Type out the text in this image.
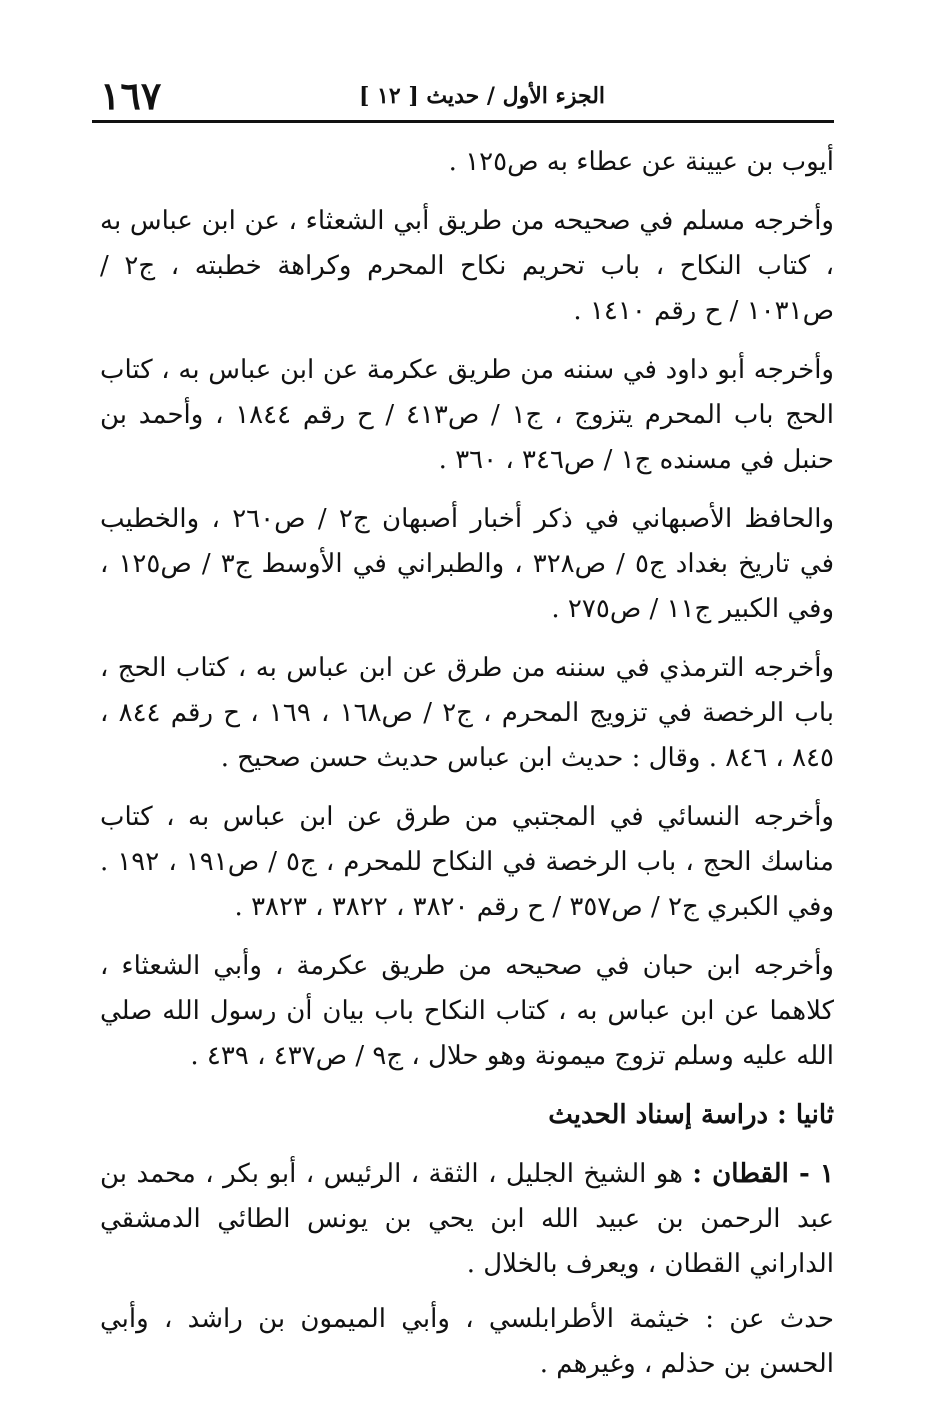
١٦٧	الجزء الأول / حديث [ ١٢ ]

أيوب بن عيينة عن عطاء به ص١٢٥ .

وأخرجه مسلم في صحيحه من طريق أبي الشعثاء ، عن ابن عباس به ، كتاب النكاح ، باب تحريم نكاح المحرم وكراهة خطبته ، ج٢ / ص١٠٣١ / ح رقم ١٤١٠ .

وأخرجه أبو داود في سننه من طريق عكرمة عن ابن عباس به ، كتاب الحج باب المحرم يتزوج ، ج١ / ص٤١٣ / ح رقم ١٨٤٤ ، وأحمد بن حنبل في مسنده ج١ / ص٣٤٦ ، ٣٦٠ .

والحافظ الأصبهاني في ذكر أخبار أصبهان ج٢ / ص٢٦٠ ، والخطيب في تاريخ بغداد ج٥ / ص٣٢٨ ، والطبراني في الأوسط ج٣ / ص١٢٥ ، وفي الكبير ج١١ / ص٢٧٥ .

وأخرجه الترمذي في سننه من طرق عن ابن عباس به ، كتاب الحج ، باب الرخصة في تزويج المحرم ، ج٢ / ص١٦٨ ، ١٦٩ ، ح رقم ٨٤٤ ، ٨٤٥ ، ٨٤٦ . وقال : حديث ابن عباس حديث حسن صحيح .

وأخرجه النسائي في المجتبي من طرق عن ابن عباس به ، كتاب مناسك الحج ، باب الرخصة في النكاح للمحرم ، ج٥ / ص١٩١ ، ١٩٢ . وفي الكبري ج٢ / ص٣٥٧ / ح رقم ٣٨٢٠ ، ٣٨٢٢ ، ٣٨٢٣ .

وأخرجه ابن حبان في صحيحه من طريق عكرمة ، وأبي الشعثاء ، كلاهما عن ابن عباس به ، كتاب النكاح باب بيان أن رسول الله صلي الله عليه وسلم تزوج ميمونة وهو حلال ، ج٩ / ص٤٣٧ ، ٤٣٩ .

ثانيا : دراسة إسناد الحديث

١ - القطان : هو الشيخ الجليل ، الثقة ، الرئيس ، أبو بكر ، محمد بن عبد الرحمن بن عبيد الله ابن يحي بن يونس الطائي الدمشقي الداراني القطان ، ويعرف بالخلال .

حدث عن : خيثمة الأطرابلسي ، وأبي الميمون بن راشد ، وأبي الحسن بن حذلم ، وغيرهم .
